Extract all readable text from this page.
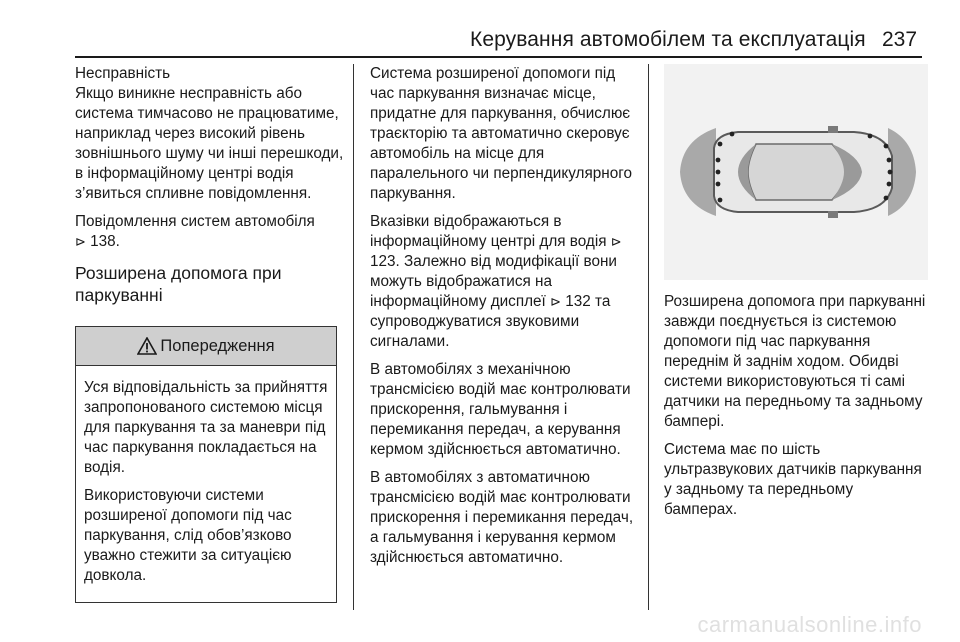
Керування автомобілем та експлуатація 237
Несправність

Якщо виникне несправність або система тимчасово не працюватиме, наприклад через високий рівень зовнішнього шуму чи інші перешкоди, в інформаційному центрі водія з’явиться спливне повідомлення.

Повідомлення систем автомобіля
⊳ 138.

Розширена допомога при паркуванні
Попередження

Уся відповідальність за прийняття запропонованого системою місця для паркування та за маневри під час паркування покладається на водія.

Використовуючи системи розширеної допомоги під час паркування, слід обов’язково уважно стежити за ситуацією довкола.

Система розширеної допомоги під час паркування визначає місце, придатне для паркування, обчислює траєкторію та автоматично скеровує автомобіль на місце для паралельного чи перпендикулярного паркування.

Вказівки відображаються в інформаційному центрі для водія ⊳ 123. Залежно від модифікації вони можуть відображатися на інформаційному дисплеї ⊳ 132 та супроводжуватися звуковими сигналами.

В автомобілях з механічною трансмісією водій має контролювати прискорення, гальмування і перемикання передач, а керування кермом здійснюється автоматично.

В автомобілях з автоматичною трансмісією водій має контролювати прискорення і перемикання передач, а гальмування і керування кермом здійснюється автоматично.

Розширена допомога при паркуванні завжди поєднується із системою допомоги під час паркування переднім й заднім ходом. Обидві системи використовуються ті самі датчики на передньому та задньому бампері.

Система має по шість ультразвукових датчиків паркування у задньому та передньому бамперах.

carmanualsonline.info
